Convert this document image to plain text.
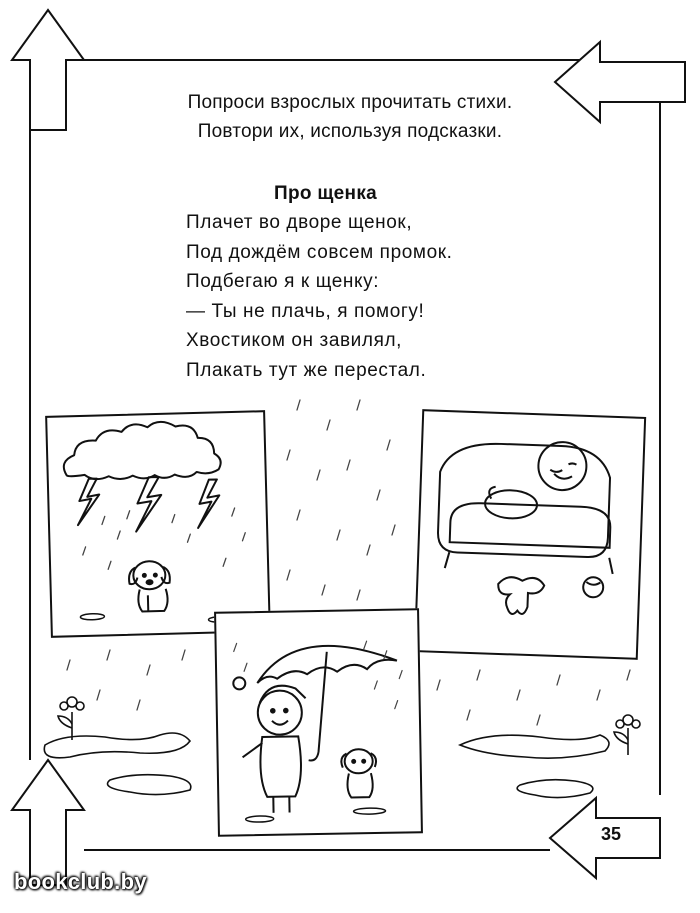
Попроси взрослых прочитать стихи.
Повтори их, используя подсказки.
Про щенка
Плачет во дворе щенок,
Под дождём совсем промок.
Подбегаю я к щенку:
— Ты не плачь, я помогу!
Хвостиком он завилял,
Плакать тут же перестал.
35
bookclub.by
